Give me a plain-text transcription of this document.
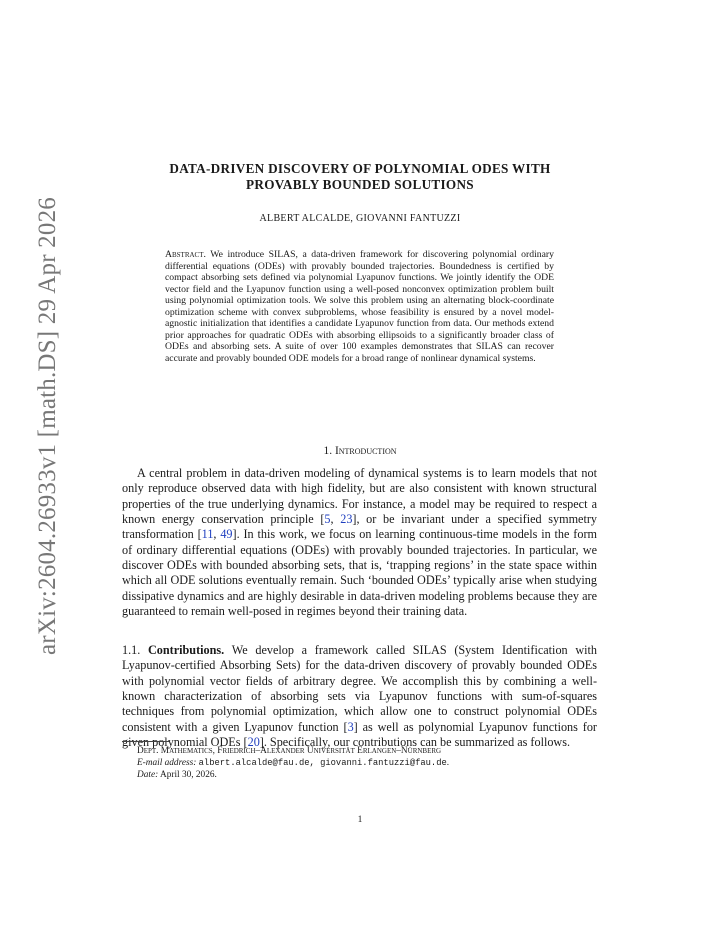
arXiv:2604.26933v1 [math.DS] 29 Apr 2026
DATA-DRIVEN DISCOVERY OF POLYNOMIAL ODES WITH
PROVABLY BOUNDED SOLUTIONS
ALBERT ALCALDE, GIOVANNI FANTUZZI
Abstract. We introduce SILAS, a data-driven framework for discovering polynomial ordinary differential equations (ODEs) with provably bounded trajectories. Boundedness is certified by compact absorbing sets defined via polynomial Lyapunov functions. We jointly identify the ODE vector field and the Lyapunov function using a well-posed nonconvex optimization problem built using polynomial optimization tools. We solve this problem using an alternating block-coordinate optimization scheme with convex subproblems, whose feasibility is ensured by a novel model-agnostic initialization that identifies a candidate Lyapunov function from data. Our methods extend prior approaches for quadratic ODEs with absorbing ellipsoids to a significantly broader class of ODEs and absorbing sets. A suite of over 100 examples demonstrates that SILAS can recover accurate and provably bounded ODE models for a broad range of nonlinear dynamical systems.
1. Introduction

A central problem in data-driven modeling of dynamical systems is to learn models that not only reproduce observed data with high fidelity, but are also consistent with known structural properties of the true underlying dynamics. For instance, a model may be required to respect a known energy conservation principle [5, 23], or be invariant under a specified symmetry transformation [11, 49]. In this work, we focus on learning continuous-time models in the form of ordinary differential equations (ODEs) with provably bounded trajectories. In particular, we discover ODEs with bounded absorbing sets, that is, ‘trapping regions’ in the state space within which all ODE solutions eventually remain. Such ‘bounded ODEs’ typically arise when studying dissipative dynamics and are highly desirable in data-driven modeling problems because they are guaranteed to remain well-posed in regimes beyond their training data.

1.1. Contributions. We develop a framework called SILAS (System Identification with Lyapunov-certified Absorbing Sets) for the data-driven discovery of provably bounded ODEs with polynomial vector fields of arbitrary degree. We accomplish this by combining a well-known characterization of absorbing sets via Lyapunov functions with sum-of-squares techniques from polynomial optimization, which allow one to construct polynomial ODEs consistent with a given Lyapunov function [3] as well as polynomial Lyapunov functions for given polynomial ODEs [20]. Specifically, our contributions can be summarized as follows.

Dept. Mathematics, Friedrich–Alexander Universität Erlangen–Nürnberg
E-mail address: albert.alcalde@fau.de, giovanni.fantuzzi@fau.de.
Date: April 30, 2026.
1
